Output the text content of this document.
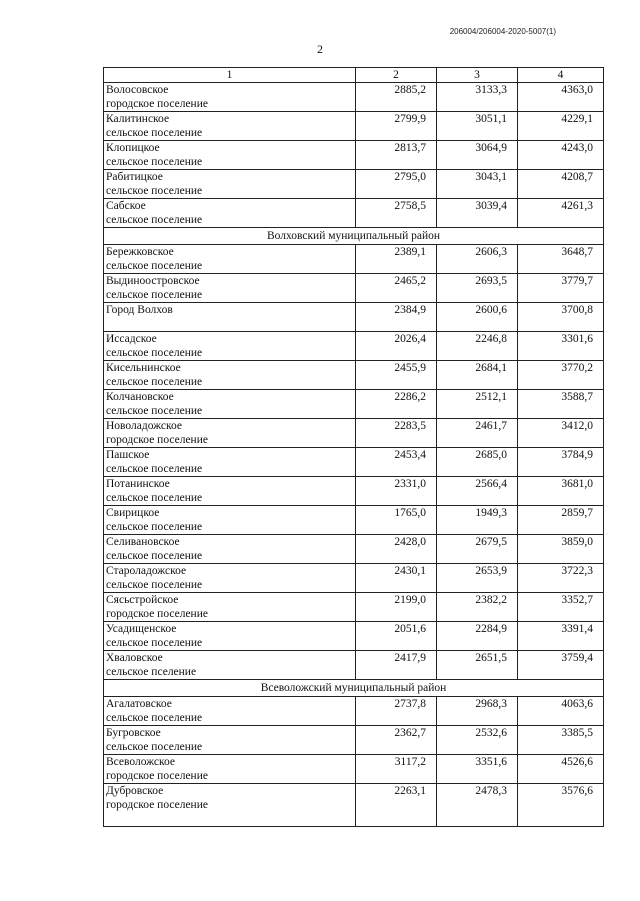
206004/206004-2020-5007(1)
2
1	2	3	4

Волосовское
городское поселение	2885,2	3133,3	4363,0

Калитинское
сельское поселение	2799,9	3051,1	4229,1

Клопицкое
сельское поселение	2813,7	3064,9	4243,0

Рабитицкое
сельское поселение	2795,0	3043,1	4208,7

Сабское
сельское поселение	2758,5	3039,4	4261,3
Волховский муниципальный район			

Бережковское
сельское поселение	2389,1	2606,3	3648,7

Выдиноостровское
сельское поселение	2465,2	2693,5	3779,7

Город Волхов	2384,9	2600,6	3700,8

Иссадское
сельское поселение	2026,4	2246,8	3301,6

Кисельнинское
сельское поселение	2455,9	2684,1	3770,2

Колчановское
сельское поселение	2286,2	2512,1	3588,7

Новоладожское
городское поселение	2283,5	2461,7	3412,0

Пашское
сельское поселение	2453,4	2685,0	3784,9

Потанинское
сельское поселение	2331,0	2566,4	3681,0

Свирицкое
сельское поселение	1765,0	1949,3	2859,7

Селивановское
сельское поселение	2428,0	2679,5	3859,0

Староладожское
сельское поселение	2430,1	2653,9	3722,3

Сясьстройское
городское поселение	2199,0	2382,2	3352,7

Усадищенское
сельское поселение	2051,6	2284,9	3391,4

Хваловское
сельское пселение	2417,9	2651,5	3759,4
Всеволожский муниципальный район			

Агалатовское
сельское поселение	2737,8	2968,3	4063,6

Бугровское
сельское поселение	2362,7	2532,6	3385,5

Всеволожское
городское поселение	3117,2	3351,6	4526,6

Дубровское
городское поселение	2263,1	2478,3	3576,6
